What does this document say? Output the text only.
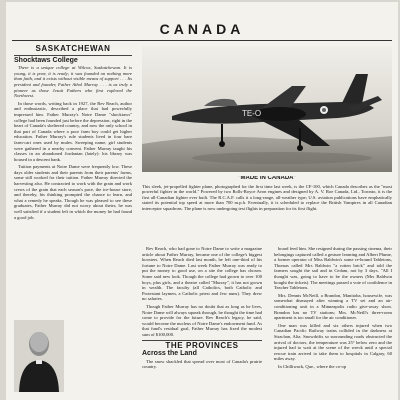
CANADA
SASKATCHEWAN
Shocktaws College

There is a unique college at Wilcox, Saskatchewan. It is young, it is poor, it is ready; it was founded on nothing more than faith, and it exists without visible means of support . . . Its president and founder, Father Athol Murray . . . is as truly a pioneer as those Jesuit Fathers who first explored the Northwest.

In those words, writing back in 1927, the Rev Reach, author and enthusiastic, described a place that had powerfully impressed him. Father Murray's Notre Dame "shocktaws" college had been founded just before the depression, right in the heart of Canada's sheltered country, and now the only school in that part of Canada where a poor farm boy could get higher education. Father Murray's rule students lived in four bare farm-cart ones used by mules. Sweeping name, girl students were gathered in a nearby convent. Father Murray taught his classes in an abandoned Jordanian (lately): his library was housed in a descent bank.

Tuition payments at Notre Dame were frequently low. These days older students and their parents from their parents' farms, some still worked for their tuition. Father Murray directed the harvesting also. He contracted to work with the grain and work crews of the grain that each season's pace, the ice-house store, and thereby, his thinking prompted the chance to learn, and what a remedy he speaks. Though he was pleased to see these graduates, Father Murray did not worry about theirs; he was well satisfied if a student left in which the money he had found a good job.

TE-O
"MADE IN CANADA"
This sleek, jet-propelled fighter plane, photographed for the first time last week, is the CF-100, which Canada describes as the "most powerful fighter in the world." Powered by two Rolls-Royce Avon engines and designed by A. V. Roe Canada, Ltd., Toronto, it is the first all-Canadian fighter ever built. The R.C.A.F. calls it a long-range, all-weather type; U.S. aviation publications have emphatically stated its potential top speed at more than 700 m.p.h. Eventually, it is scheduled to replace the British Vampires in all Canadian interceptor squadrons. The plane is now undergoing test flights in preparation for its first flight.

Rev Reach, who had gone to Notre Dame to write a magazine article about Father Murray, became one of the college's biggest boosters. When Reach died last month, he left one-third of his fortune to Notre Dame. Last week Father Murray was ready to put the money to good use, on a site the college has chosen. Some said new look. Though the college had grown to over 100 boys, plus girls, and a theatre called "Murray", it has not grown in wealth. The faculty (all Catholics, both Catholic and Protestant laymen, a Catholic priest and Jew nuns). They drew no salaries.

Though Father Murray has no doubt that as long as he lives, Notre Dame will always squeak through, he thought the time had come to provide for the future. Rev Reach's legacy, he said, would become the nucleus of Notre Dame's endowment fund. As that fund's residual goal, Father Murray has fixed the modest sum of $100,000.

THE PROVINCES
Across the Land

The snow shackled that spread over most of Canada's prairie country.

board feed him. She resigned during the passing cinema, their belongings captured called a gesture learning and Albert Plume, a former operator of Miss Baldwin's some re-bound Tabletons, Thomas called Mrs Baldwin "a rotten brick" and told the farmers sought the sail and in Cedam, not by 3 days. "All I thought was, going to have to be the owners (Mrs Baldwin bought the tickets). The meetings passed a vote of confidence in Teacher Tabletons.

Mrs. Dennis McNeill, a Brandon, Manitoba, housewife, was somewhat dismayed after winning a TV set and an air-conditioning unit in a Minneapolis radio give-away show. Brandon has no TV stations; Mrs. McNeill's three-room apartment is too small for the air conditioner.

One man was killed and six others injured when two Canadian Pacific Railway trains collided in the darkness at Strachan, Alta. Snowdrifts so surrounding roads obstructed the arrival of doctors, the temperature was 25° below zero and the injured had to wait at the scene of the wreck until a special rescue train arrived to take them to hospitals in Calgary, 60 miles away.

In Chilliwack, Que., where the co-op
